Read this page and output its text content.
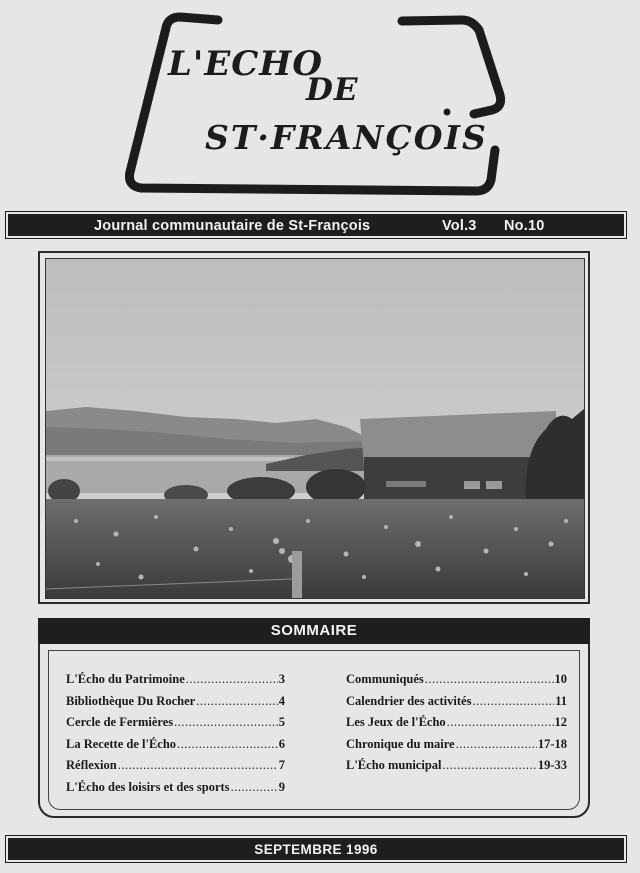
L'ECHO
DE
ST·FRANÇOIS
Journal communautaire de St-François	Vol.3 No.10
SOMMAIRE
L'Écho du Patrimoine .....	3
Bibliothèque Du Rocher .....	4
Cercle de Fermières .....	5
La Recette de l'Écho .....	6
Réflexion .....	7
L'Écho des loisirs et des sports .....	9
Communiqués .....	10
Calendrier des activités .....	11
Les Jeux de l'Écho .....	12
Chronique du maire .....	17-18
L'Écho municipal .....	19-33
SEPTEMBRE 1996
